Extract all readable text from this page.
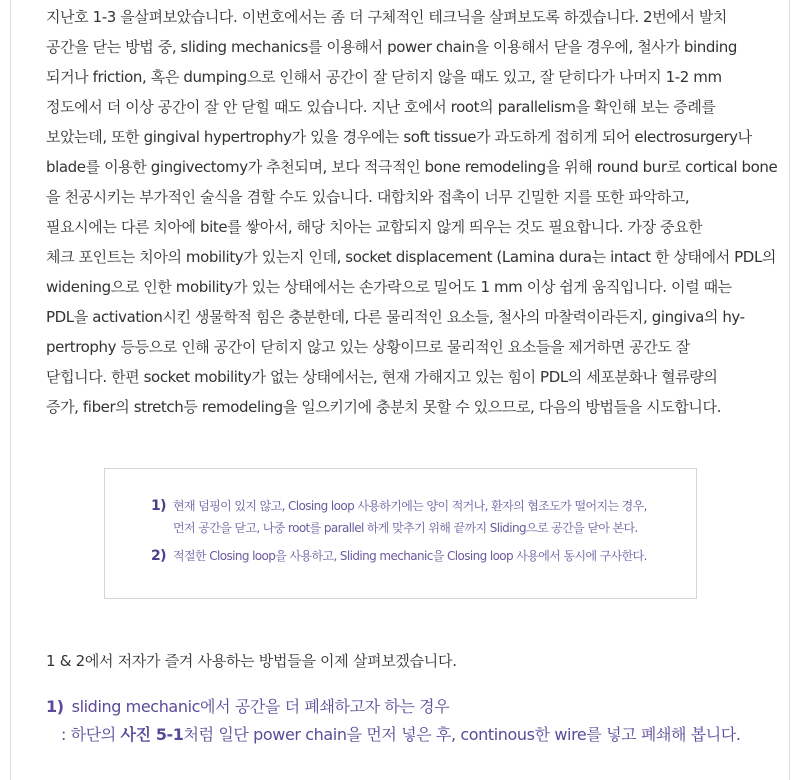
지난호 1-3 을살펴보았습니다. 이번호에서는 좀 더 구체적인 테크닉을 살펴보도록 하겠습니다. 2번에서 발치

공간을 닫는 방법 중, sliding mechanics를 이용해서 power chain을 이용해서 닫을 경우에, 철사가 binding

되거나 friction, 혹은 dumping으로 인해서 공간이 잘 닫히지 않을 때도 있고, 잘 닫히다가 나머지 1-2 mm

정도에서 더 이상 공간이 잘 안 닫힐 때도 있습니다. 지난 호에서 root의 parallelism을 확인해 보는 증례를

보았는데, 또한 gingival hypertrophy가 있을 경우에는 soft tissue가 과도하게 접히게 되어 electrosurgery나

blade를 이용한 gingivectomy가 추천되며, 보다 적극적인 bone remodeling을 위해 round bur로 cortical bone

을 천공시키는 부가적인 술식을 겸할 수도 있습니다. 대합치와 접촉이 너무 긴밀한 지를 또한 파악하고,

필요시에는 다른 치아에 bite를 쌓아서, 해당 치아는 교합되지 않게 띄우는 것도 필요합니다. 가장 중요한

체크 포인트는 치아의 mobility가 있는지 인데, socket displacement (Lamina dura는 intact 한 상태에서 PDL의

widening으로 인한 mobility가 있는 상태에서는 손가락으로 밀어도 1 mm 이상 쉽게 움직입니다. 이럴 때는

PDL을 activation시킨 생물학적 힘은 충분한데, 다른 물리적인 요소들, 철사의 마찰력이라든지, gingiva의 hy-

pertrophy 등등으로 인해 공간이 닫히지 않고 있는 상황이므로 물리적인 요소들을 제거하면 공간도 잘

닫힙니다. 한편 socket mobility가 없는 상태에서는, 현재 가해지고 있는 힘이 PDL의 세포분화나 혈류량의

증가, fiber의 stretch등 remodeling을 일으키기에 충분치 못할 수 있으므로, 다음의 방법들을 시도합니다.

1) 현재 덤핑이 있지 않고, Closing loop 사용하기에는 양이 적거나, 환자의 협조도가 떨어지는 경우,
먼저 공간을 닫고, 나중 root를 parallel 하게 맞추기 위해 끝까지 Sliding으로 공간을 닫아 본다.
2) 적절한 Closing loop을 사용하고, Sliding mechanic을 Closing loop 사용에서 동시에 구사한다.
1 & 2에서 저자가 즐겨 사용하는 방법들을 이제 살펴보겠습니다.
1) sliding mechanic에서 공간을 더 폐쇄하고자 하는 경우
: 하단의 사진 5-1처럼 일단 power chain을 먼저 넣은 후, continous한 wire를 넣고 폐쇄해 봅니다.
